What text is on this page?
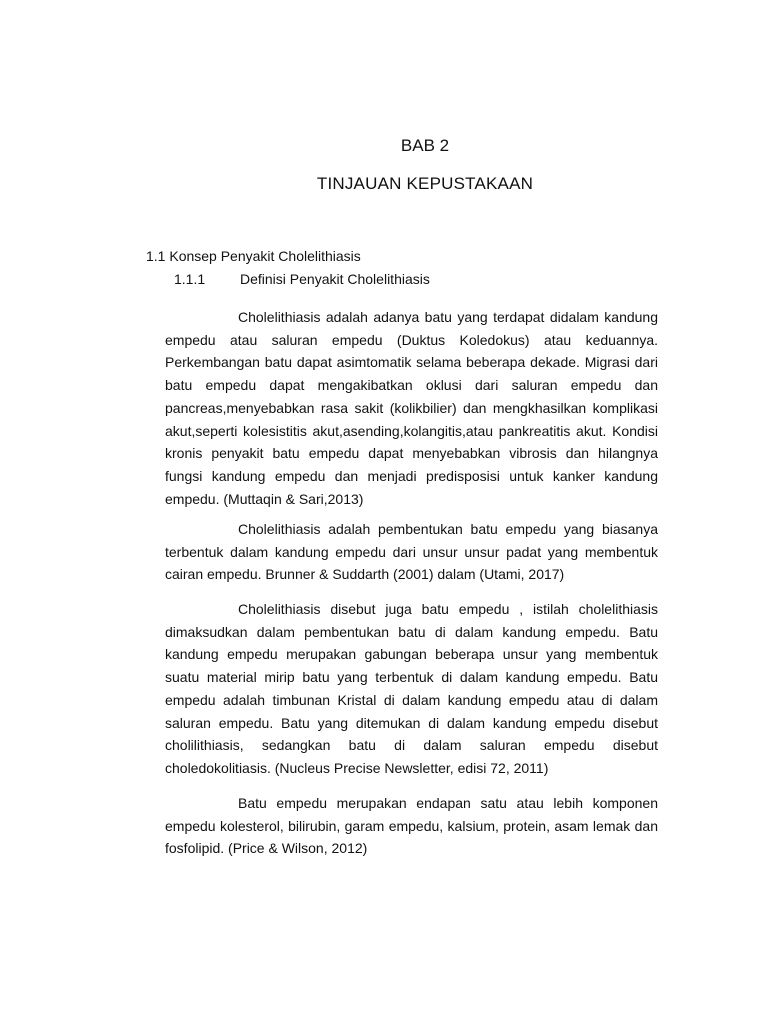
BAB 2
TINJAUAN KEPUSTAKAAN
1.1 Konsep Penyakit Cholelithiasis
1.1.1 Definisi Penyakit Cholelithiasis

Cholelithiasis adalah adanya batu yang terdapat didalam kandung empedu atau saluran empedu (Duktus Koledokus) atau keduannya. Perkembangan batu dapat asimtomatik selama beberapa dekade. Migrasi dari batu empedu dapat mengakibatkan oklusi dari saluran empedu dan pancreas,menyebabkan rasa sakit (kolikbilier) dan mengkhasilkan komplikasi akut,seperti kolesistitis akut,asending,kolangitis,atau pankreatitis akut. Kondisi kronis penyakit batu empedu dapat menyebabkan vibrosis dan hilangnya fungsi kandung empedu dan menjadi predisposisi untuk kanker kandung empedu. (Muttaqin & Sari,2013)

Cholelithiasis adalah pembentukan batu empedu yang biasanya terbentuk dalam kandung empedu dari unsur unsur padat yang membentuk cairan empedu. Brunner & Suddarth (2001) dalam (Utami, 2017)

Cholelithiasis disebut juga batu empedu , istilah cholelithiasis dimaksudkan dalam pembentukan batu di dalam kandung empedu. Batu kandung empedu merupakan gabungan beberapa unsur yang membentuk suatu material mirip batu yang terbentuk di dalam kandung empedu. Batu empedu adalah timbunan Kristal di dalam kandung empedu atau di dalam saluran empedu. Batu yang ditemukan di dalam kandung empedu disebut cholilithiasis, sedangkan batu di dalam saluran empedu disebut choledokolitiasis. (Nucleus Precise Newsletter, edisi 72, 2011)

Batu empedu merupakan endapan satu atau lebih komponen empedu kolesterol, bilirubin, garam empedu, kalsium, protein, asam lemak dan fosfolipid. (Price & Wilson, 2012)
